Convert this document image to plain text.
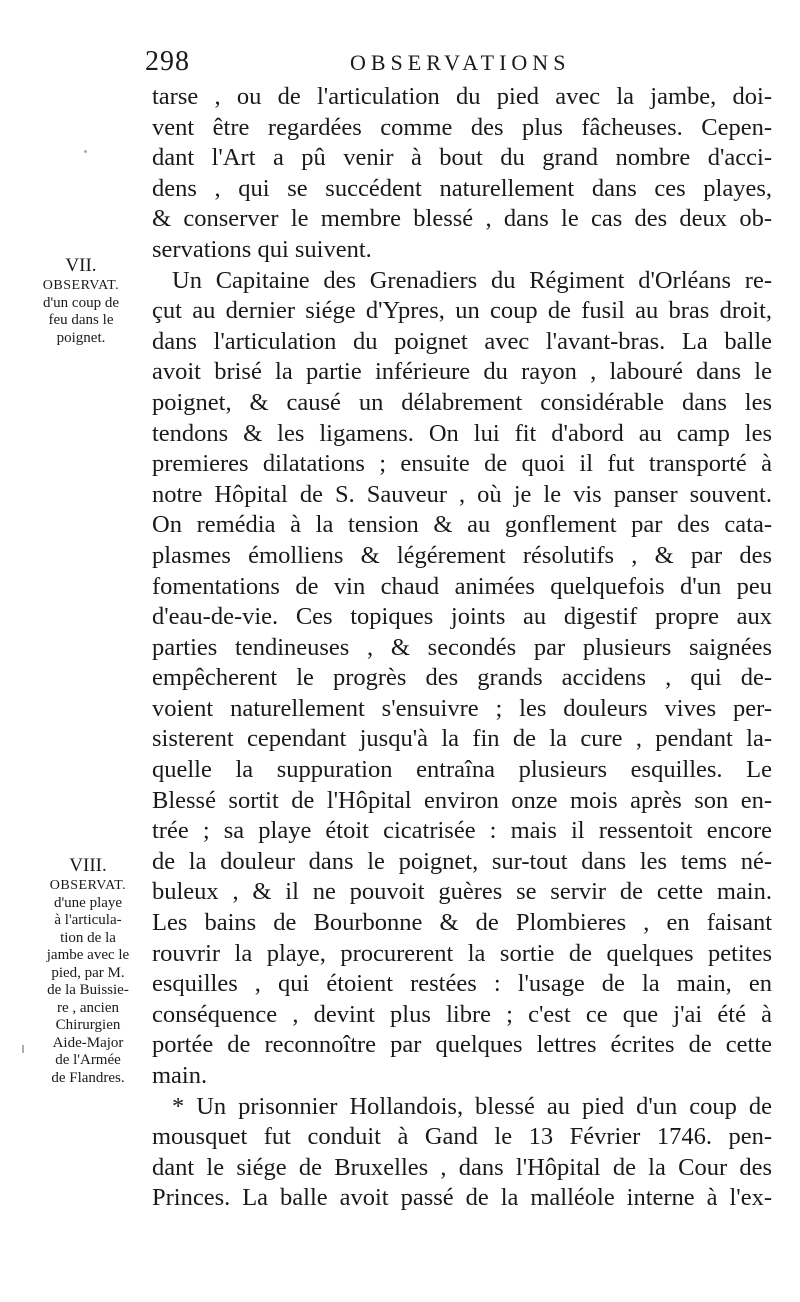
298	OBSERVATIONS
VII.
OBSERVAT.
d'un coup de
feu dans le
poignet.
VIII.
OBSERVAT.
d'une playe
à l'articula-
tion de la
jambe avec le
pied, par M.
de la Buissie-
re , ancien
Chirurgien
Aide-Major
de l'Armée
de Flandres.
tarse , ou de l'articulation du pied avec la jambe, doi-
vent être regardées comme des plus fâcheuses. Cepen-
dant l'Art a pû venir à bout du grand nombre d'acci-
dens , qui se succédent naturellement dans ces playes,
& conserver le membre blessé , dans le cas des deux ob-
servations qui suivent.
Un Capitaine des Grenadiers du Régiment d'Orléans re-
çut au dernier siége d'Ypres, un coup de fusil au bras droit,
dans l'articulation du poignet avec l'avant-bras. La balle
avoit brisé la partie inférieure du rayon , labouré dans le
poignet, & causé un délabrement considérable dans les
tendons & les ligamens. On lui fit d'abord au camp les
premieres dilatations ; ensuite de quoi il fut transporté à
notre Hôpital de S. Sauveur , où je le vis panser souvent.
On remédia à la tension & au gonflement par des cata-
plasmes émolliens & légérement résolutifs , & par des
fomentations de vin chaud animées quelquefois d'un peu
d'eau-de-vie. Ces topiques joints au digestif propre aux
parties tendineuses , & secondés par plusieurs saignées
empêcherent le progrès des grands accidens , qui de-
voient naturellement s'ensuivre ; les douleurs vives per-
sisterent cependant jusqu'à la fin de la cure , pendant la-
quelle la suppuration entraîna plusieurs esquilles. Le
Blessé sortit de l'Hôpital environ onze mois après son en-
trée ; sa playe étoit cicatrisée : mais il ressentoit encore
de la douleur dans le poignet, sur-tout dans les tems né-
buleux , & il ne pouvoit guères se servir de cette main.
Les bains de Bourbonne & de Plombieres , en faisant
rouvrir la playe, procurerent la sortie de quelques petites
esquilles , qui étoient restées : l'usage de la main, en
conséquence , devint plus libre ; c'est ce que j'ai été à
portée de reconnoître par quelques lettres écrites de cette
main.
* Un prisonnier Hollandois, blessé au pied d'un coup de
mousquet fut conduit à Gand le 13 Février 1746. pen-
dant le siége de Bruxelles , dans l'Hôpital de la Cour des
Princes. La balle avoit passé de la malléole interne à l'ex-
